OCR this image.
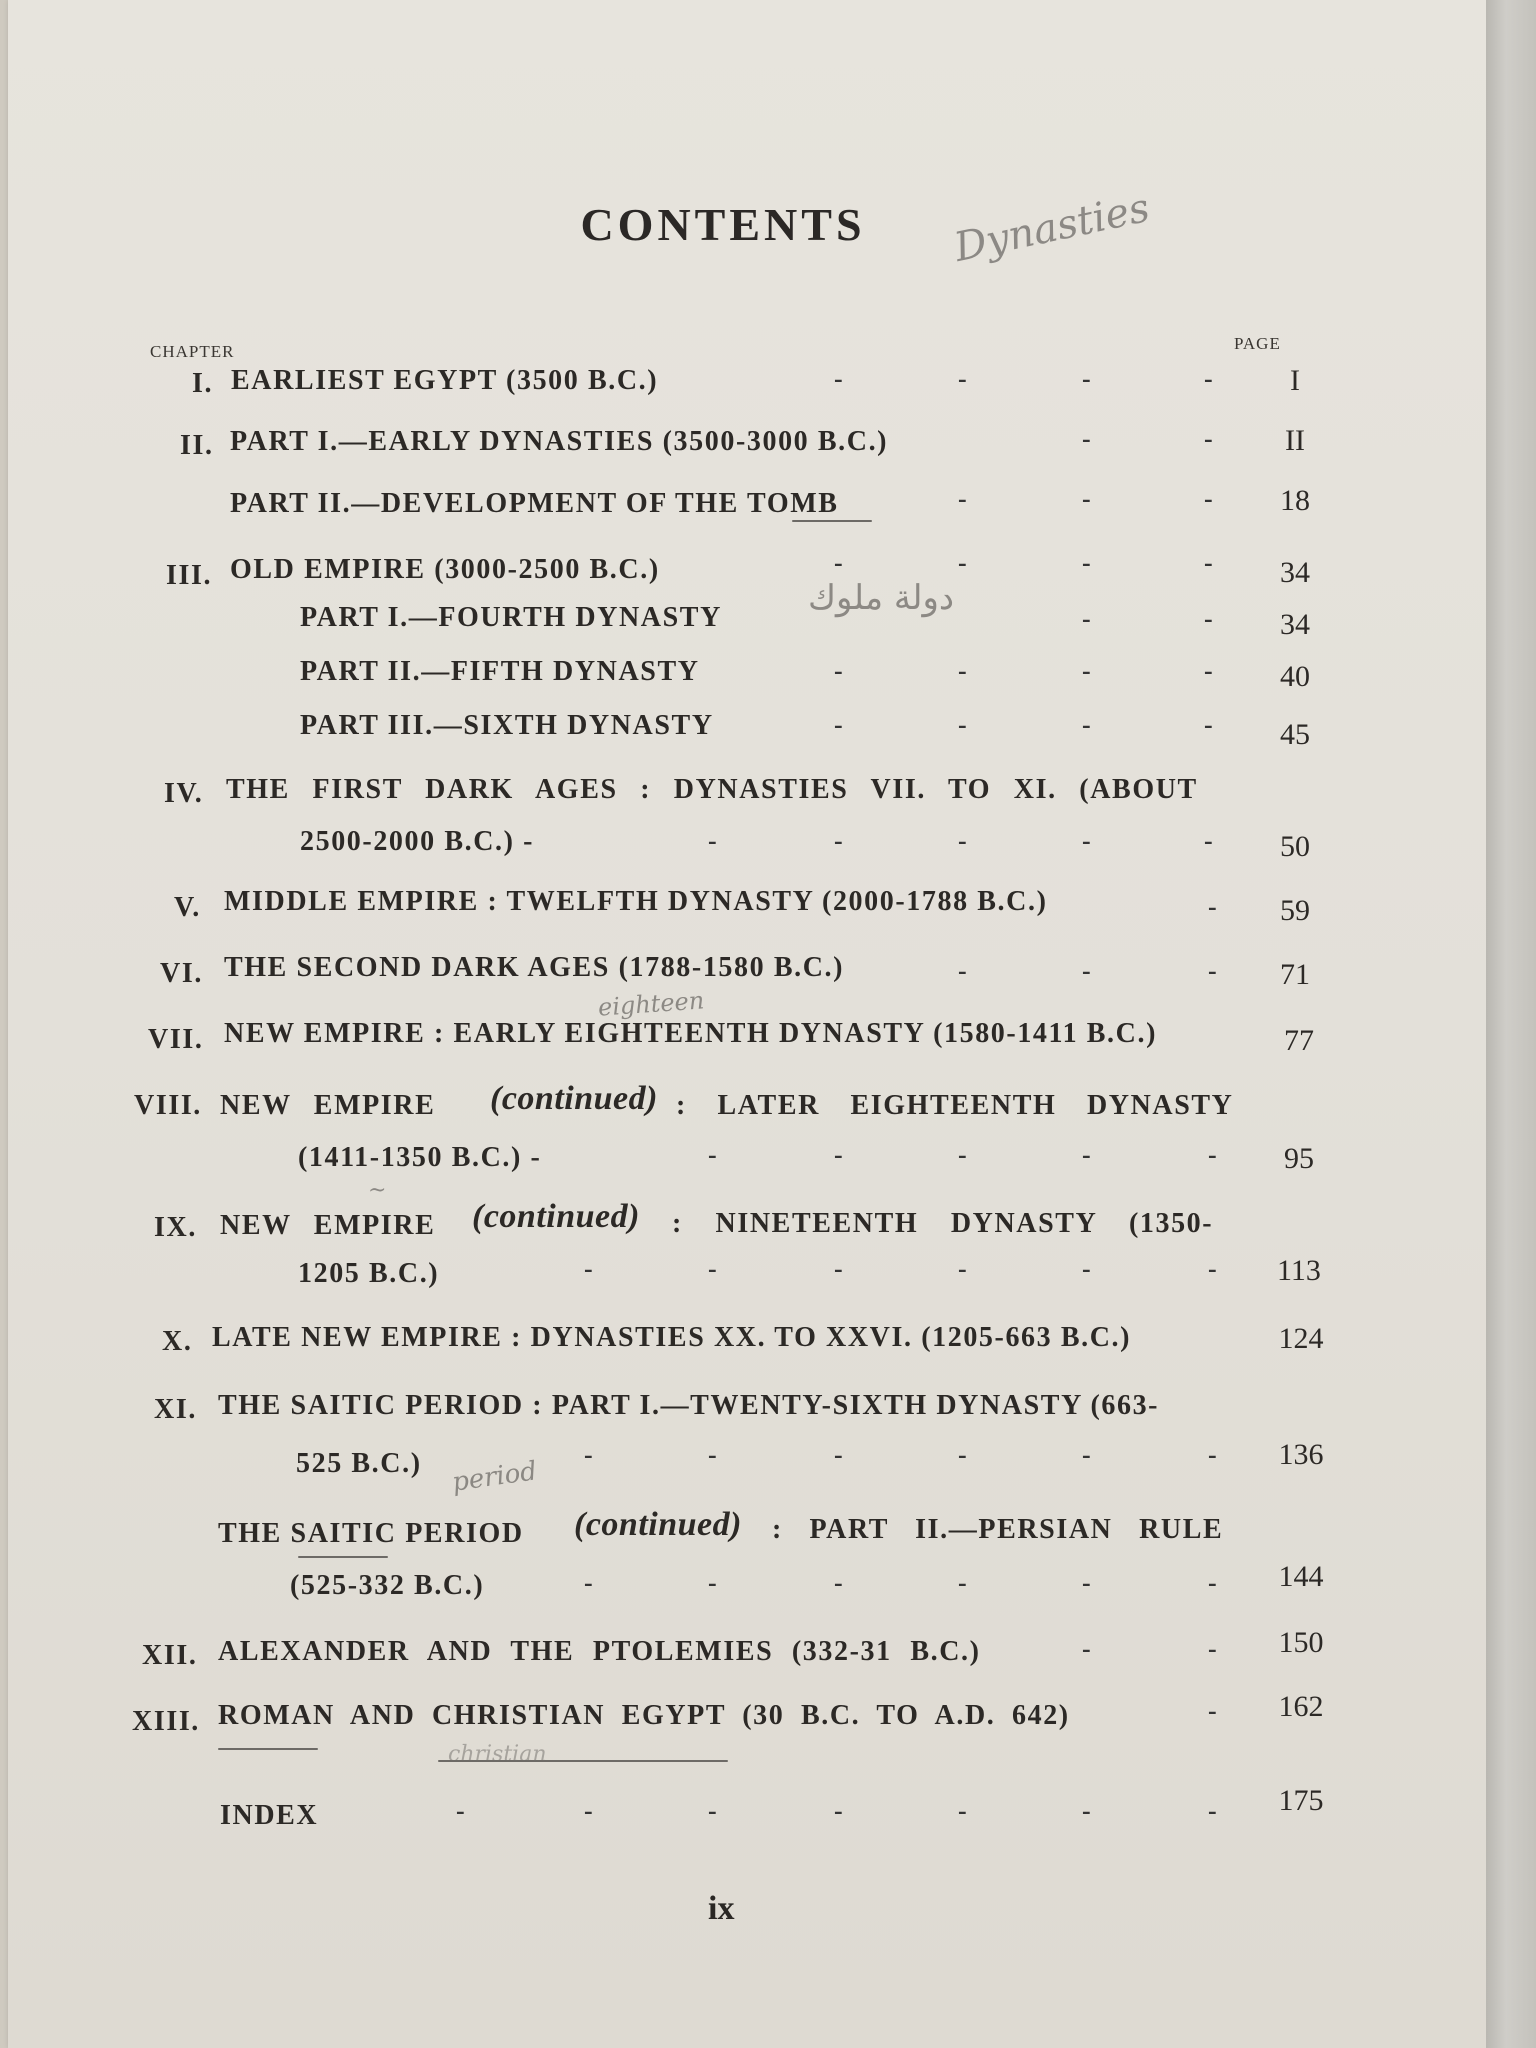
CONTENTS	Dynasties
CHAPTER	PAGE
I. EARLIEST EGYPT (3500 B.C.)	I
II. PART I.—EARLY DYNASTIES (3500-3000 B.C.)	II
PART II.—DEVELOPMENT OF THE TOMB	18
III. OLD EMPIRE (3000-2500 B.C.)	34
PART I.—FOURTH DYNASTY	34
دولة ملوك
PART II.—FIFTH DYNASTY	40
PART III.—SIXTH DYNASTY	45
IV. THE FIRST DARK AGES : DYNASTIES VII. TO XI. (ABOUT
2500-2000 B.C.) -	50
V. MIDDLE EMPIRE : TWELFTH DYNASTY (2000-1788 B.C.)	59
VI. THE SECOND DARK AGES (1788-1580 B.C.)	71
eighteen
VII. NEW EMPIRE : EARLY EIGHTEENTH DYNASTY (1580-1411 B.C.)	77
VIII. NEW EMPIRE (continued) : LATER EIGHTEENTH DYNASTY
(1411-1350 B.C.) -	95
~
IX. NEW EMPIRE (continued) : NINETEENTH DYNASTY (1350-
1205 B.C.)	113
X. LATE NEW EMPIRE : DYNASTIES XX. TO XXVI. (1205-663 B.C.)	124
XI. THE SAITIC PERIOD : PART I.—TWENTY-SIXTH DYNASTY (663-
525 B.C.)	136
period
THE SAITIC PERIOD (continued) : PART II.—PERSIAN RULE
(525-332 B.C.)	144
XII. ALEXANDER AND THE PTOLEMIES (332-31 B.C.)	150
XIII. ROMAN AND CHRISTIAN EGYPT (30 B.C. TO A.D. 642)	162
christian
INDEX	175
-	-	-	-
-	-
-	-	-
-	-	-	-
-	-
-	-	-	-
-	-	-	-
-	-	-	-	-
-
-	-	-
-	-	-	-	-
-	-	-	-	-	-
-	-	-	-	-	-
-	-	-	-	-	-
-	-
-
-	-	-	-	-	-	-
ix
